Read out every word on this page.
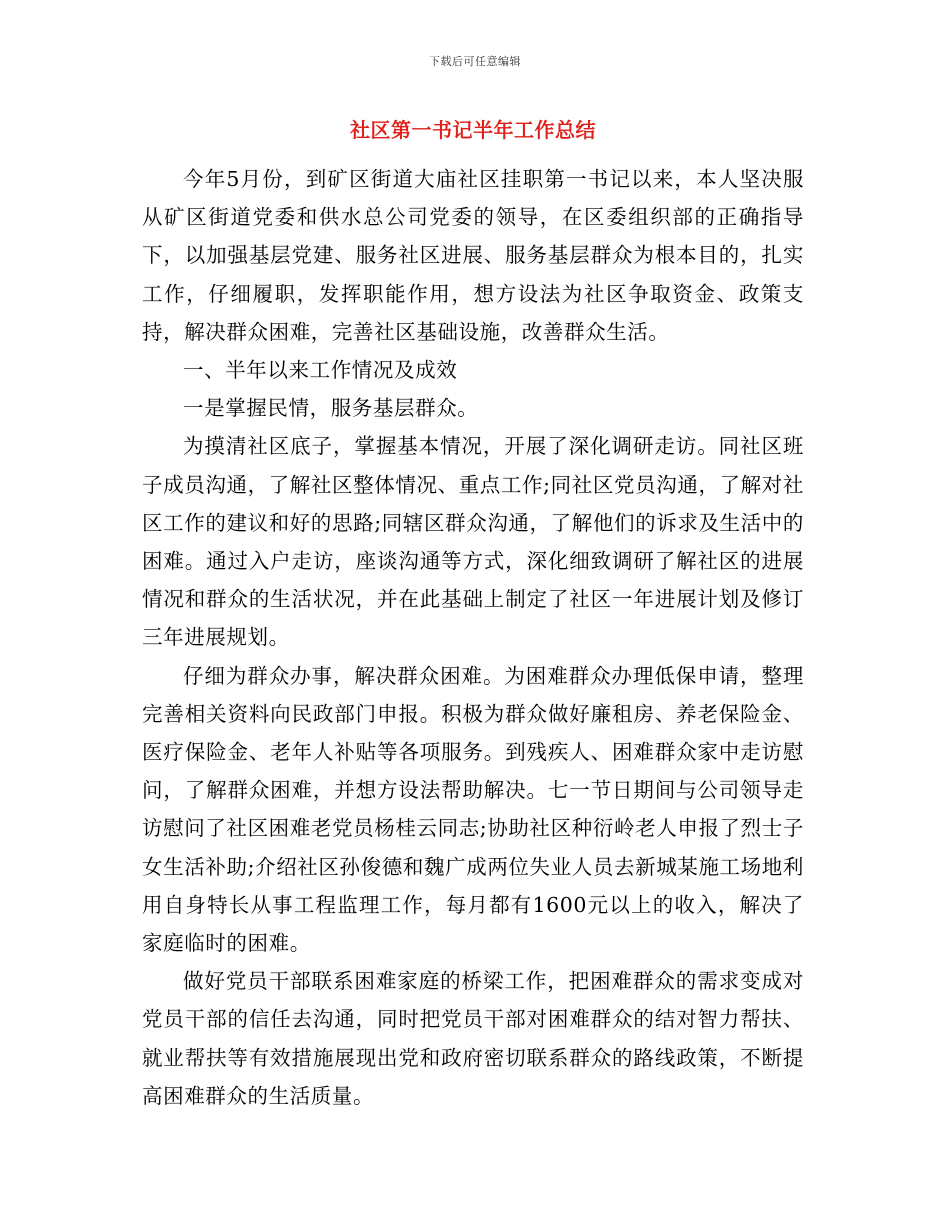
下载后可任意编辑
社区第一书记半年工作总结

今年5月份，到矿区街道大庙社区挂职第一书记以来，本人坚决服从矿区街道党委和供水总公司党委的领导，在区委组织部的正确指导下，以加强基层党建、服务社区进展、服务基层群众为根本目的，扎实工作，仔细履职，发挥职能作用，想方设法为社区争取资金、政策支持，解决群众困难，完善社区基础设施，改善群众生活。

一、半年以来工作情况及成效

一是掌握民情，服务基层群众。

为摸清社区底子，掌握基本情况，开展了深化调研走访。同社区班子成员沟通，了解社区整体情况、重点工作;同社区党员沟通，了解对社区工作的建议和好的思路;同辖区群众沟通，了解他们的诉求及生活中的困难。通过入户走访，座谈沟通等方式，深化细致调研了解社区的进展情况和群众的生活状况，并在此基础上制定了社区一年进展计划及修订三年进展规划。

仔细为群众办事，解决群众困难。为困难群众办理低保申请，整理完善相关资料向民政部门申报。积极为群众做好廉租房、养老保险金、医疗保险金、老年人补贴等各项服务。到残疾人、困难群众家中走访慰问，了解群众困难，并想方设法帮助解决。七一节日期间与公司领导走访慰问了社区困难老党员杨桂云同志;协助社区种衍岭老人申报了烈士子女生活补助;介绍社区孙俊德和魏广成两位失业人员去新城某施工场地利用自身特长从事工程监理工作，每月都有1600元以上的收入，解决了家庭临时的困难。

做好党员干部联系困难家庭的桥梁工作，把困难群众的需求变成对党员干部的信任去沟通，同时把党员干部对困难群众的结对智力帮扶、就业帮扶等有效措施展现出党和政府密切联系群众的路线政策，不断提高困难群众的生活质量。
